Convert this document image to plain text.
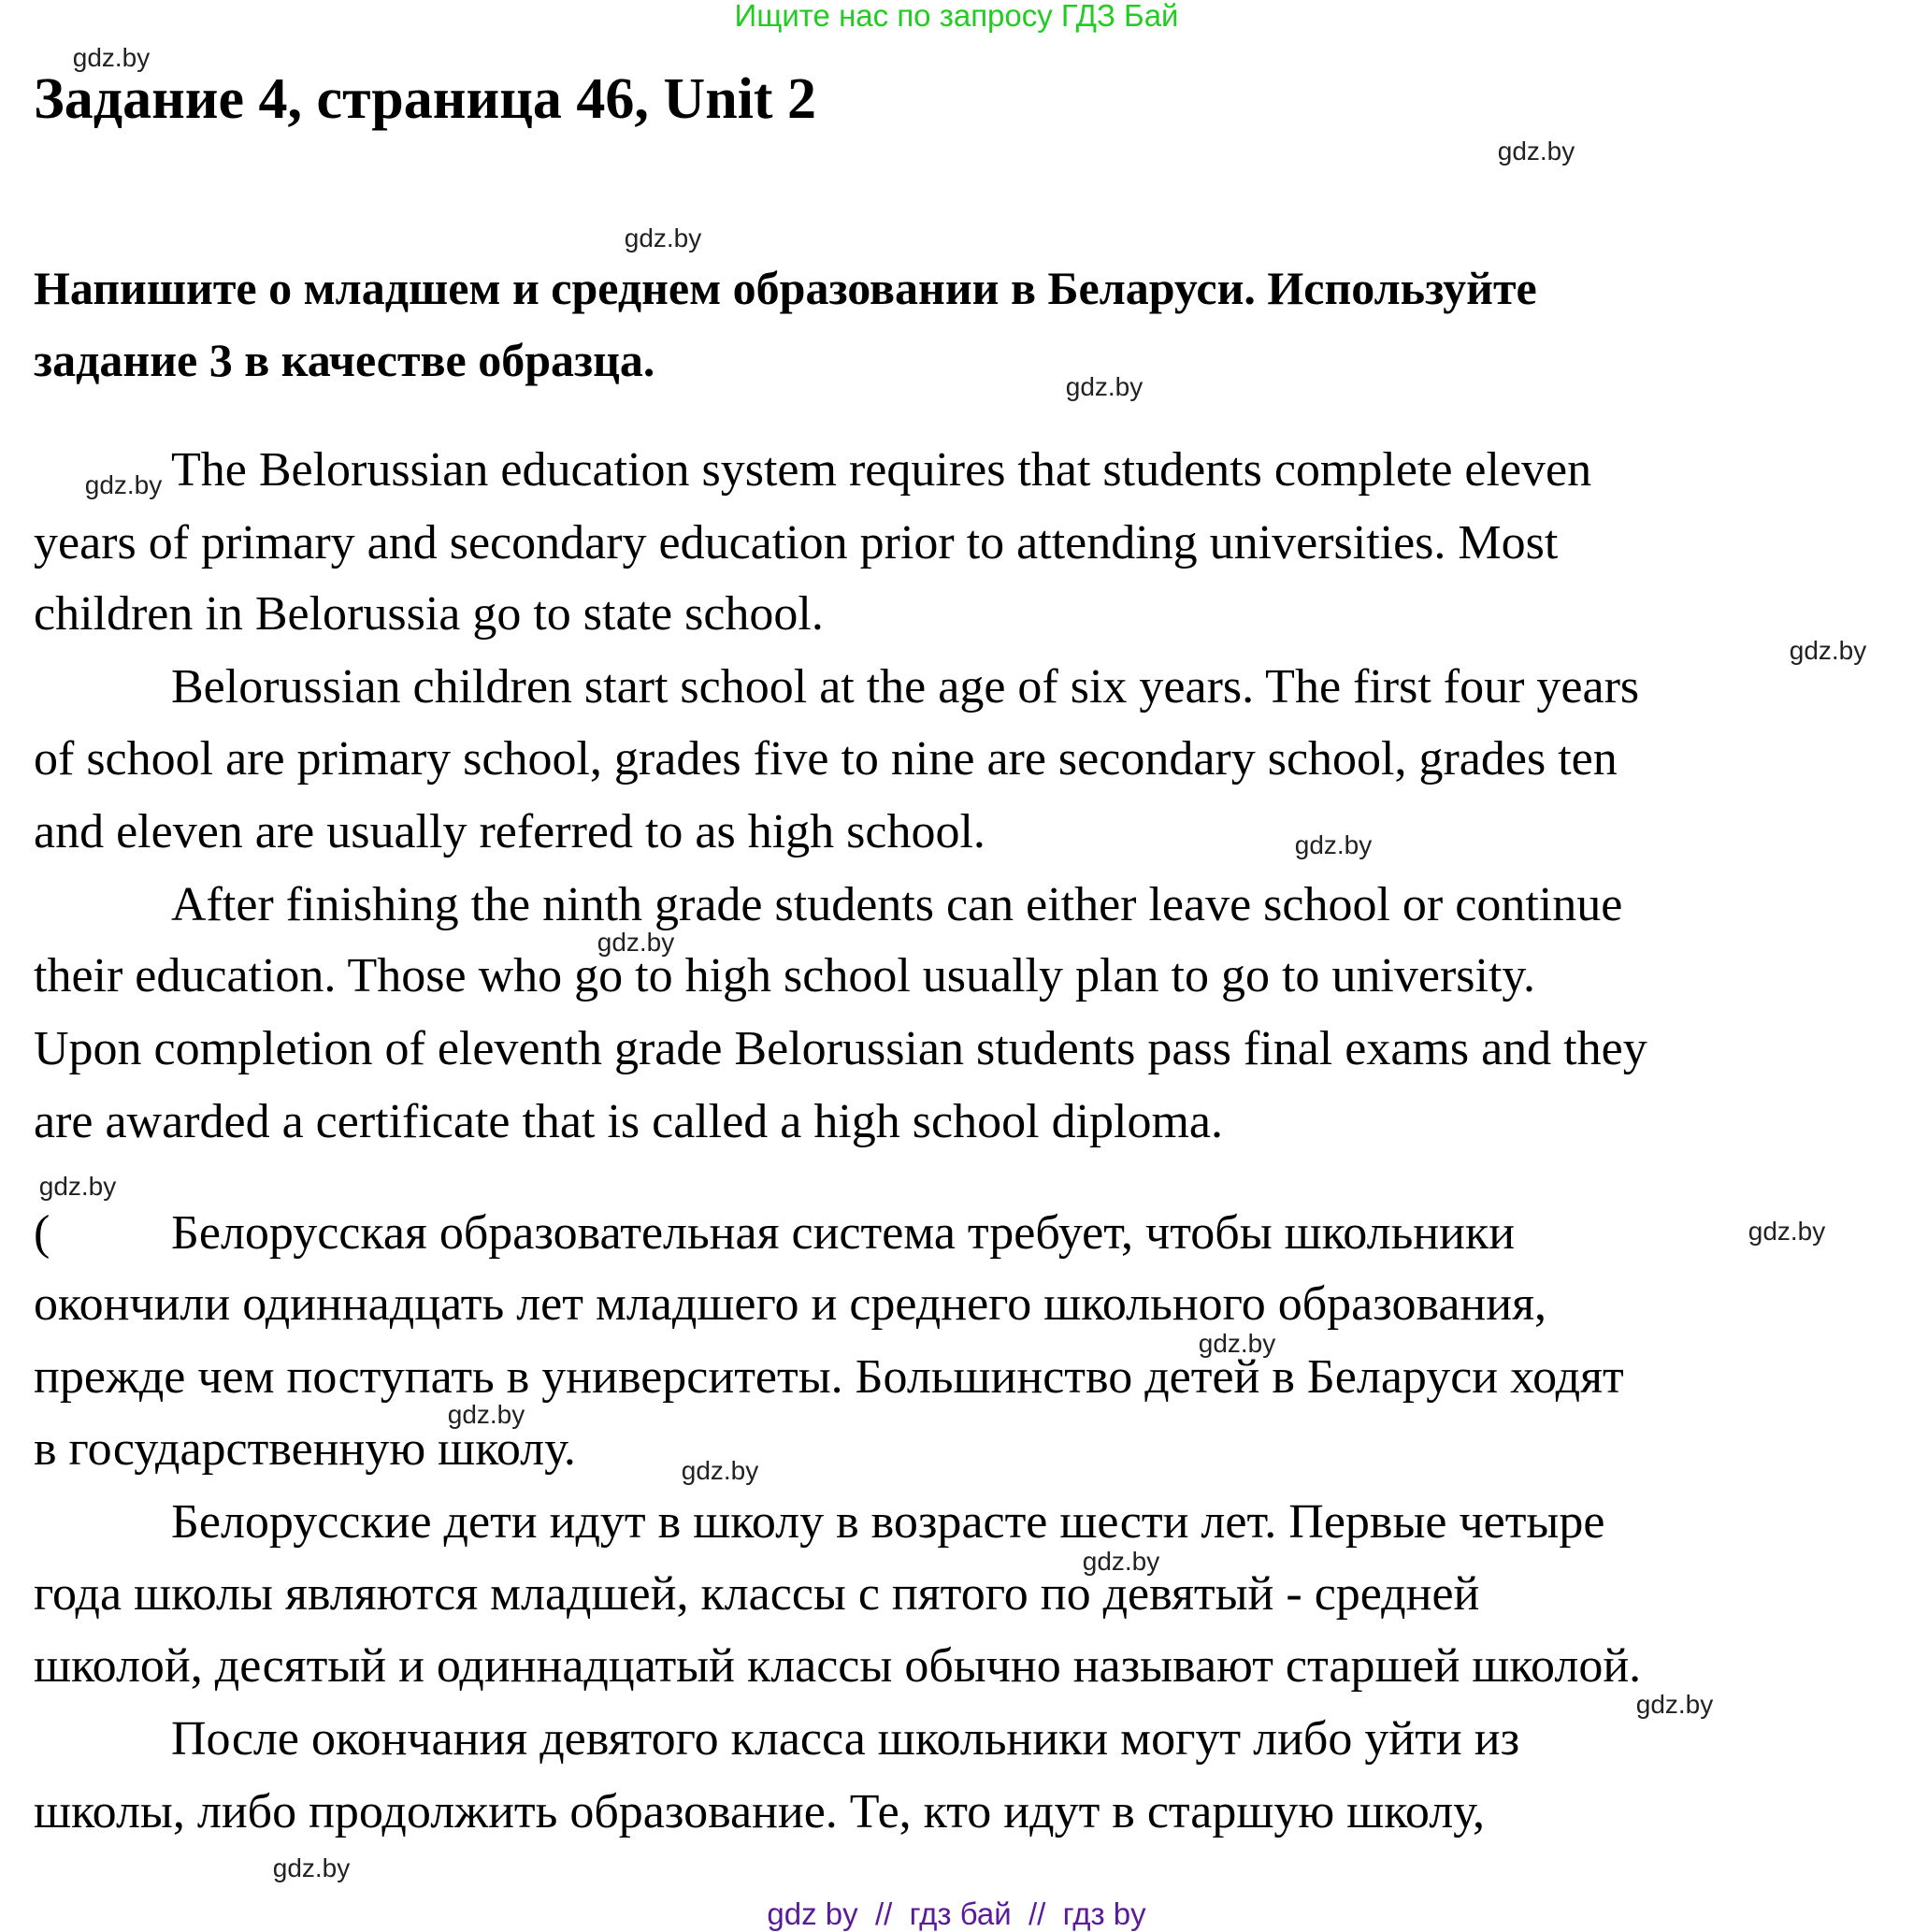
Ищите нас по запросу ГДЗ Бай
Задание 4, страница 46, Unit 2
Напишите о младшем и среднем образовании в Беларуси. Используйте
задание 3 в качестве образца.
The Belorussian education system requires that students complete eleven
years of primary and secondary education prior to attending universities. Most
children in Belorussia go to state school.
Belorussian children start school at the age of six years. The first four years
of school are primary school, grades five to nine are secondary school, grades ten
and eleven are usually referred to as high school.
After finishing the ninth grade students can either leave school or continue
their education. Those who go to high school usually plan to go to university.
Upon completion of eleventh grade Belorussian students pass final exams and they
are awarded a certificate that is called a high school diploma.
( Белорусская образовательная система требует, чтобы школьники
окончили одиннадцать лет младшего и среднего школьного образования,
прежде чем поступать в университеты. Большинство детей в Беларуси ходят
в государственную школу.
Белорусские дети идут в школу в возрасте шести лет. Первые четыре
года школы являются младшей, классы с пятого по девятый - средней
школой, десятый и одиннадцатый классы обычно называют старшей школой.
После окончания девятого класса школьники могут либо уйти из
школы, либо продолжить образование. Те, кто идут в старшую школу,
gdz.by
gdz.by
gdz.by
gdz.by
gdz.by
gdz.by
gdz.by
gdz.by
gdz.by
gdz.by
gdz.by
gdz.by
gdz.by
gdz.by
gdz.by
gdz.by
gdz by  //  гдз бай  //  гдз by
